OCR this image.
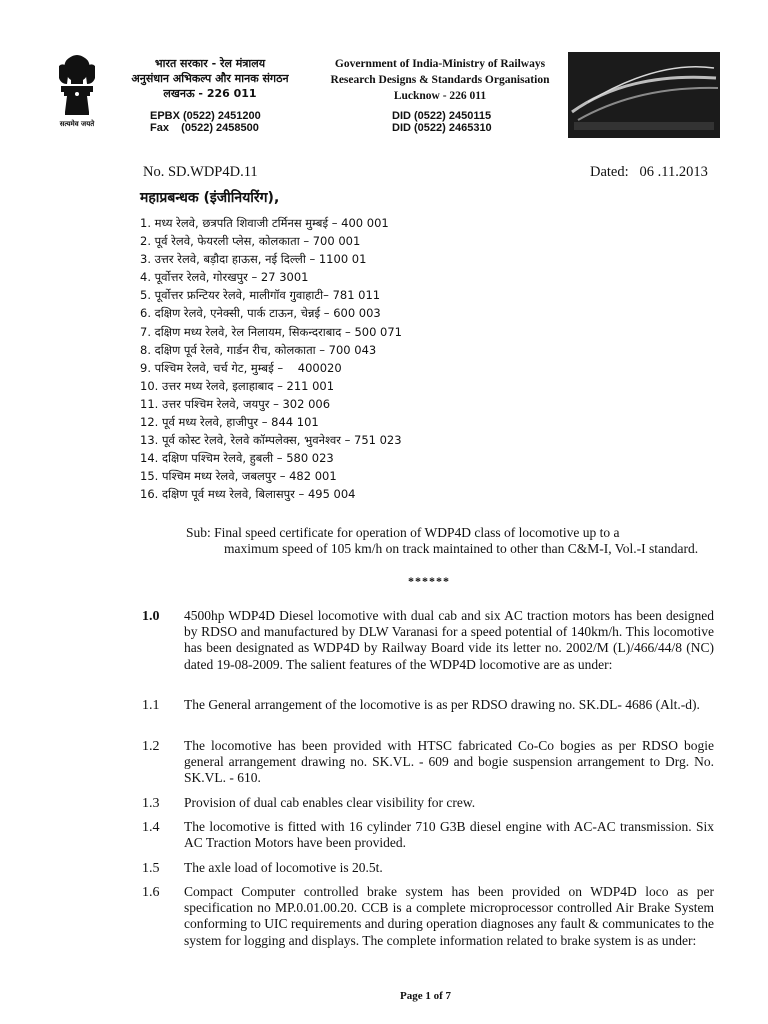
सत्यमेव जयते
भारत सरकार - रेल मंत्रालय
अनुसंधान अभिकल्प और मानक संगठन
लखनऊ - 226 011
EPBX (0522) 2451200
Fax    (0522) 2458500
Government of India-Ministry of Railways
Research Designs & Standards Organisation
Lucknow - 226 011
DID (0522) 2450115
DID (0522) 2465310
No. SD.WDP4D.11	Dated: 06 .11.2013
महाप्रबन्धक (इंजीनियरिंग),
1. मध्य रेलवे, छत्रपति शिवाजी टर्मिनस मुम्बई – 400 001
2. पूर्व रेलवे, फेयरली प्लेस, कोलकाता – 700 001
3. उत्तर रेलवे, बड़ौदा हाऊस, नई दिल्ली – 1100 01
4. पूर्वोत्तर रेलवे, गोरखपुर – 27 3001
5. पूर्वोत्तर फ्रन्टियर रेलवे, मालीगॉव गुवाहाटी– 781 011
6. दक्षिण रेलवे, एनेक्सी, पार्क टाऊन, चेन्नई – 600 003
7. दक्षिण मध्य रेलवे, रेल निलायम, सिकन्दराबाद – 500 071
8. दक्षिण पूर्व रेलवे, गार्डन रीच, कोलकाता – 700 043
9. पश्चिम रेलवे, चर्च गेट, मुम्बई –    400020
10. उत्तर मध्य रेलवे, इलाहाबाद – 211 001
11. उत्तर पश्चिम रेलवे, जयपुर – 302 006
12. पूर्व मध्य रेलवे, हाजीपुर – 844 101
13. पूर्व कोस्ट रेलवे, रेलवे कॉम्पलेक्स, भुवनेश्वर – 751 023
14. दक्षिण पश्चिम रेलवे, हुबली – 580 023
15. पश्चिम मध्य रेलवे, जबलपुर – 482 001
16. दक्षिण पूर्व मध्य रेलवे, बिलासपुर – 495 004
Sub: Final speed certificate for operation of WDP4D class of locomotive up to a
maximum speed of 105 km/h on track maintained to other than C&M-I, Vol.-I standard.
******
1.0 4500hp WDP4D Diesel locomotive with dual cab and six AC traction motors has been designed by RDSO and manufactured by DLW Varanasi for a speed potential of 140km/h. This locomotive has been designated as WDP4D by Railway Board vide its letter no. 2002/M (L)/466/44/8 (NC) dated 19-08-2009. The salient features of the WDP4D locomotive are as under:
1.1 The General arrangement of the locomotive is as per RDSO drawing no. SK.DL- 4686 (Alt.-d).
1.2 The locomotive has been provided with HTSC fabricated Co-Co bogies as per RDSO bogie general arrangement drawing no. SK.VL. - 609 and bogie suspension arrangement to Drg. No. SK.VL. - 610.
1.3 Provision of dual cab enables clear visibility for crew.
1.4 The locomotive is fitted with 16 cylinder 710 G3B diesel engine with AC-AC transmission. Six AC Traction Motors have been provided.
1.5 The axle load of locomotive is 20.5t.
1.6 Compact Computer controlled brake system has been provided on WDP4D loco as per specification no MP.0.01.00.20. CCB is a complete microprocessor controlled Air Brake System conforming to UIC requirements and during operation diagnoses any fault & communicates to the system for logging and displays. The complete information related to brake system is as under:
Page 1 of 7
